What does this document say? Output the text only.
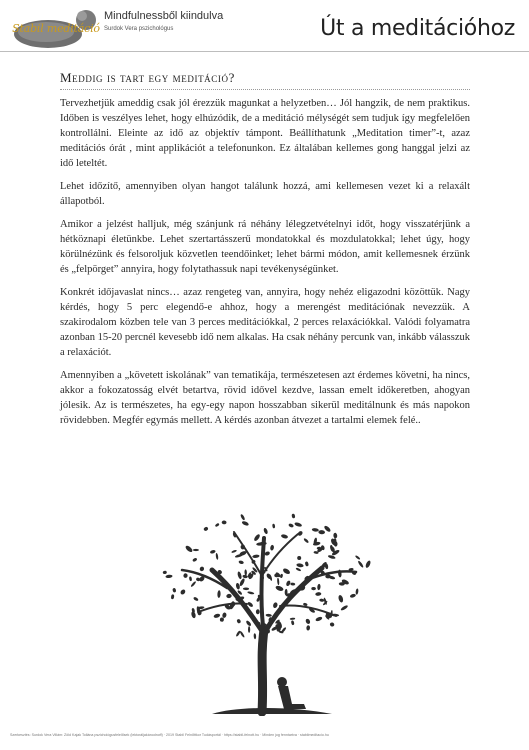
Stabil meditáció
Mindfulnessből kiindulva
Surdok Vera pszichológus	Út a meditációhoz
Meddig is tart egy meditáció?

Tervezhetjük ameddig csak jól érezzük magunkat a helyzetben… Jól hangzik, de nem praktikus. Időben is veszélyes lehet, hogy elhúzódik, de a meditáció mélységét sem tudjuk így megfelelően kontrollálni. Eleinte az idő az objektív támpont. Beállíthatunk „Meditation timer”-t, azaz meditációs órát , mint applikációt a telefonunkon. Ez általában kellemes gong hanggal jelzi az idő leteltét.

Lehet időzítő, amennyiben olyan hangot találunk hozzá, ami kellemesen vezet ki a relaxált állapotból.

Amikor a jelzést halljuk, még szánjunk rá néhány lélegzetvételnyi időt, hogy visszatérjünk a hétköznapi életünkbe. Lehet szertartásszerű mondatokkal és mozdulatokkal; lehet úgy, hogy körülnézünk és felsoroljuk közvetlen teendőinket; lehet bármi módon, amit kellemesnek érzünk és „felpörget” annyira, hogy folytathassuk napi tevékenységünket.

Konkrét időjavaslat nincs… azaz rengeteg van, annyira, hogy nehéz eligazodni közöttük. Nagy kérdés, hogy 5 perc elegendő-e ahhoz, hogy a merengést meditációnak nevezzük. A szakirodalom közben tele van 3 perces meditációkkal, 2 perces relaxációkkal. Valódi folyamatra azonban 15-20 percnél kevesebb idő nem alkalas. Ha csak néhány percunk van, inkább válasszuk a relaxációt.

Amennyiben a „követett iskolának” van tematikája, természetesen azt érdemes követni, ha nincs, akkor a fokozatosság elvét betartva, rövid idővel kezdve, lassan emelt időkeretben, ahogyan jólesik. Az is természetes, ha egy-egy napon hosszabban sikerül meditálnunk és más napokon rövidebben. Megfér egymás mellett. A kérdés azonban átvezet a tartalmi elemek felé..

Szerkesztés: Surdok Vera Villám: Zöld Kajak Tollána pszichológusfelelősek (lektoráljakánodnoff) · 2019 Stabil Felnőttkor Tudásportál · https://stabil-felnott.hu · Minden jog fenntartva · stabilmeditacio.hu
